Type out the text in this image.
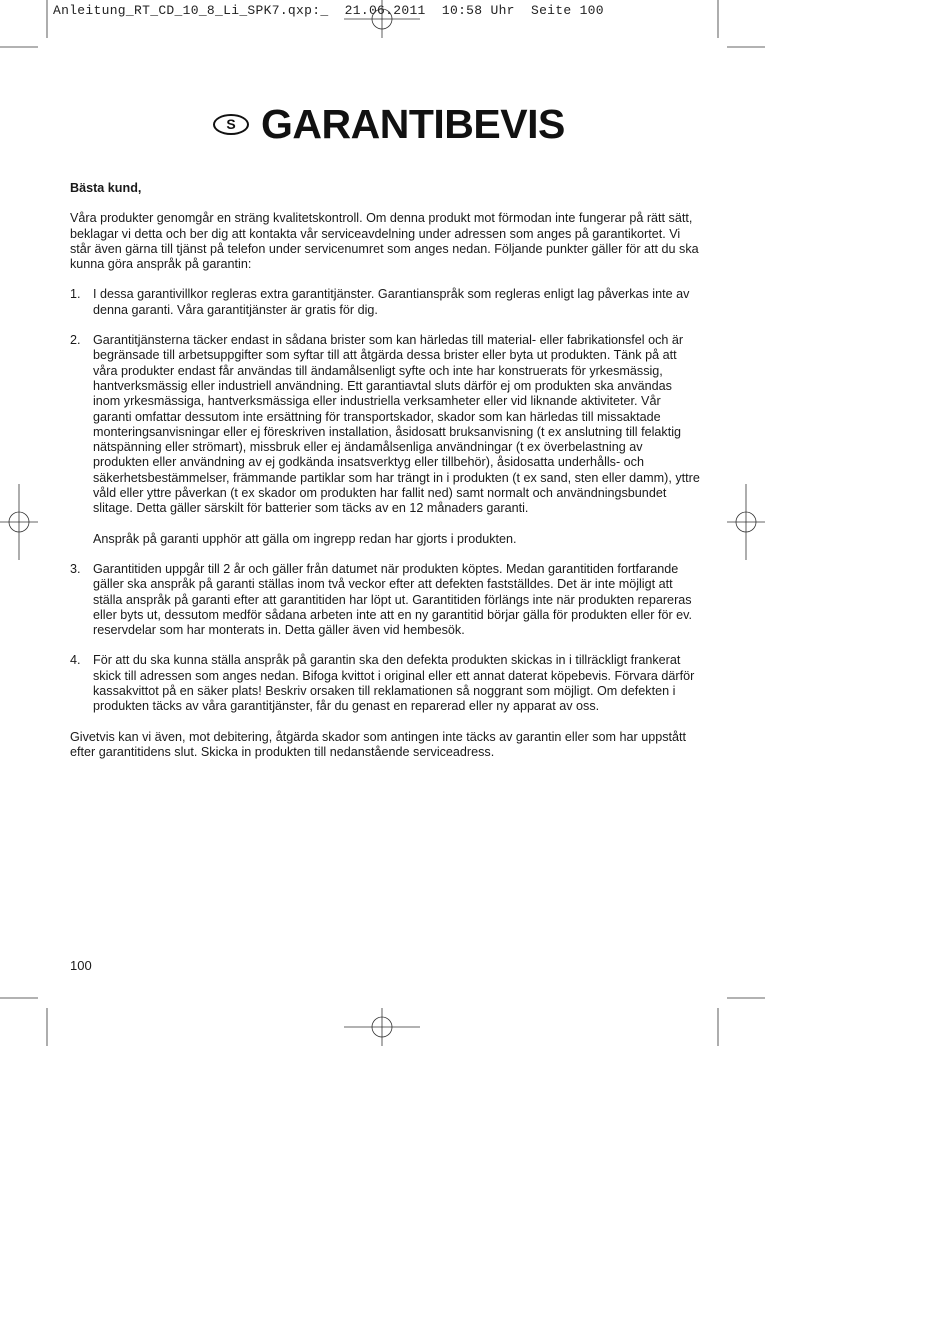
Anleitung_RT_CD_10_8_Li_SPK7.qxp:_  21.06.2011  10:58 Uhr  Seite 100
S GARANTIBEVIS

Bästa kund,

Våra produkter genomgår en sträng kvalitetskontroll. Om denna produkt mot förmodan inte fungerar på rätt sätt, beklagar vi detta och ber dig att kontakta vår serviceavdelning under adressen som anges på garantikortet. Vi står även gärna till tjänst på telefon under servicenumret som anges nedan. Följande punkter gäller för att du ska kunna göra anspråk på garantin:

1. I dessa garantivillkor regleras extra garantitjänster. Garantianspråk som regleras enligt lag påverkas inte av denna garanti. Våra garantitjänster är gratis för dig.

2. Garantitjänsterna täcker endast in sådana brister som kan härledas till material- eller fabrikationsfel och är begränsade till arbetsuppgifter som syftar till att åtgärda dessa brister eller byta ut produkten. Tänk på att våra produkter endast får användas till ändamålsenligt syfte och inte har konstruerats för yrkesmässig, hantverksmässig eller industriell användning. Ett garantiavtal sluts därför ej om produkten ska användas inom yrkesmässiga, hantverksmässiga eller industriella verksamheter eller vid liknande aktiviteter. Vår garanti omfattar dessutom inte ersättning för transportskador, skador som kan härledas till missaktade monteringsanvisningar eller ej föreskriven installation, åsidosatt bruksanvisning (t ex anslutning till felaktig nätspänning eller strömart), missbruk eller ej ändamålsenliga användningar (t ex överbelastning av produkten eller användning av ej godkända insatsverktyg eller tillbehör), åsidosatta underhålls- och säkerhetsbestämmelser, främmande partiklar som har trängt in i produkten (t ex sand, sten eller damm), yttre våld eller yttre påverkan (t ex skador om produkten har fallit ned) samt normalt och användningsbundet slitage. Detta gäller särskilt för batterier som täcks av en 12 månaders garanti.

Anspråk på garanti upphör att gälla om ingrepp redan har gjorts i produkten.

3. Garantitiden uppgår till 2 år och gäller från datumet när produkten köptes. Medan garantitiden fortfarande gäller ska anspråk på garanti ställas inom två veckor efter att defekten fastställdes. Det är inte möjligt att ställa anspråk på garanti efter att garantitiden har löpt ut. Garantitiden förlängs inte när produkten repareras eller byts ut, dessutom medför sådana arbeten inte att en ny garantitid börjar gälla för produkten eller för ev. reservdelar som har monterats in. Detta gäller även vid hembesök.

4. För att du ska kunna ställa anspråk på garantin ska den defekta produkten skickas in i tillräckligt frankerat skick till adressen som anges nedan. Bifoga kvittot i original eller ett annat daterat köpebevis. Förvara därför kassakvittot på en säker plats! Beskriv orsaken till reklamationen så noggrant som möjligt. Om defekten i produkten täcks av våra garantitjänster, får du genast en reparerad eller ny apparat av oss.

Givetvis kan vi även, mot debitering, åtgärda skador som antingen inte täcks av garantin eller som har uppstått efter garantitidens slut. Skicka in produkten till nedanstående serviceadress.

100
